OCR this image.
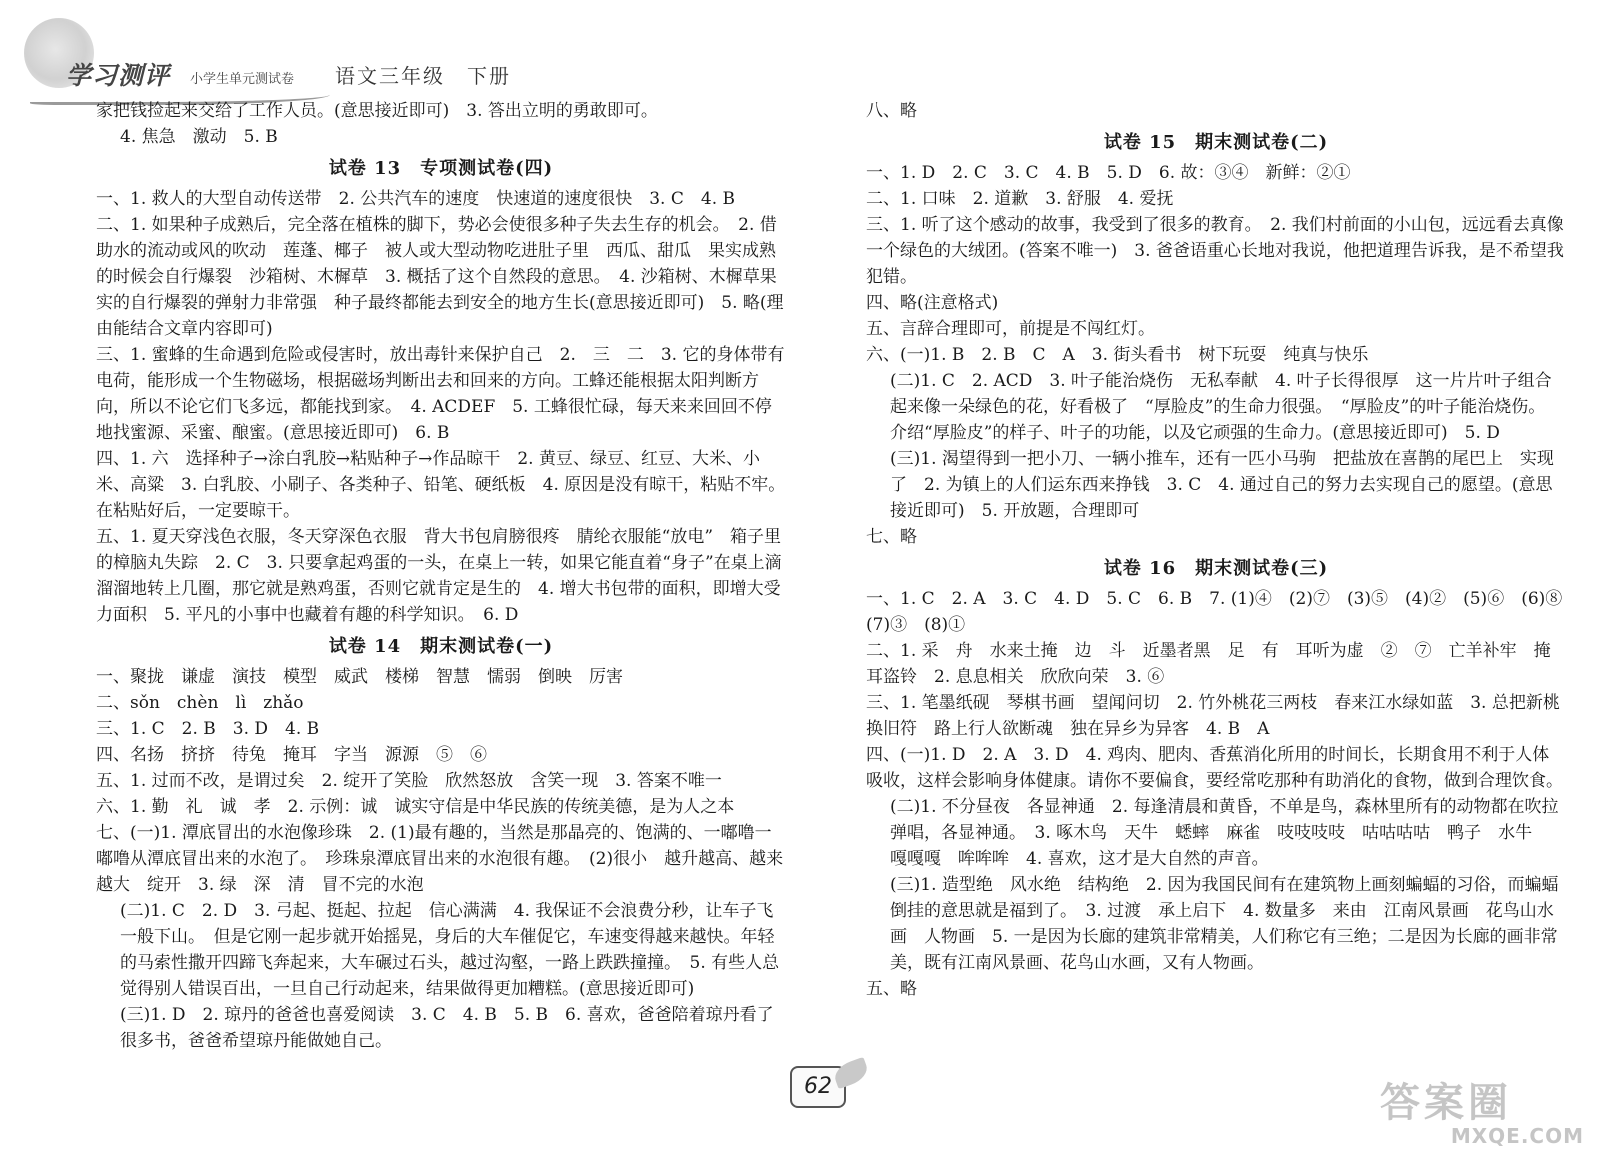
学习测评 小学生单元测试卷 语文三年级　下册

家把钱捡起来交给了工作人员。(意思接近即可)　3. 答出立明的勇敢即可。

4. 焦急　激动　5. B

试卷 13　专项测试卷(四)

一、1. 救人的大型自动传送带　2. 公共汽车的速度　快速道的速度很快　3. C　4. B

二、1. 如果种子成熟后，完全落在植株的脚下，势必会使很多种子失去生存的机会。　2. 借助水的流动或风的吹动　莲蓬、椰子　被人或大型动物吃进肚子里　西瓜、甜瓜　果实成熟的时候会自行爆裂　沙箱树、木樨草　3. 概括了这个自然段的意思。　4. 沙箱树、木樨草果实的自行爆裂的弹射力非常强　种子最终都能去到安全的地方生长(意思接近即可)　5. 略(理由能结合文章内容即可)

三、1. 蜜蜂的生命遇到危险或侵害时，放出毒针来保护自己　2.　三　二　3. 它的身体带有电荷，能形成一个生物磁场，根据磁场判断出去和回来的方向。工蜂还能根据太阳判断方向，所以不论它们飞多远，都能找到家。　4. ACDEF　5. 工蜂很忙碌，每天来来回回不停地找蜜源、采蜜、酿蜜。(意思接近即可)　6. B

四、1. 六　选择种子→涂白乳胶→粘贴种子→作品晾干　2. 黄豆、绿豆、红豆、大米、小米、高粱　3. 白乳胶、小刷子、各类种子、铅笔、硬纸板　4. 原因是没有晾干，粘贴不牢。在粘贴好后，一定要晾干。

五、1. 夏天穿浅色衣服，冬天穿深色衣服　背大书包肩膀很疼　腈纶衣服能“放电”　箱子里的樟脑丸失踪　2. C　3. 只要拿起鸡蛋的一头，在桌上一转，如果它能直着“身子”在桌上滴溜溜地转上几圈，那它就是熟鸡蛋，否则它就肯定是生的　4. 增大书包带的面积，即增大受力面积　5. 平凡的小事中也藏着有趣的科学知识。　6. D

试卷 14　期末测试卷(一)

一、聚拢　谦虚　演技　模型　威武　楼梯　智慧　懦弱　倒映　厉害

二、sǒn　chèn　lì　zhǎo

三、1. C　2. B　3. D　4. B

四、名扬　挤挤　待兔　掩耳　字当　源源　⑤　⑥

五、1. 过而不改，是谓过矣　2. 绽开了笑脸　欣然怒放　含笑一现　3. 答案不唯一

六、1. 勤　礼　诚　孝　2. 示例：诚　诚实守信是中华民族的传统美德，是为人之本

七、(一)1. 潭底冒出的水泡像珍珠　2. (1)最有趣的，当然是那晶亮的、饱满的、一嘟噜一嘟噜从潭底冒出来的水泡了。　珍珠泉潭底冒出来的水泡很有趣。　(2)很小　越升越高、越来越大　绽开　3. 绿　深　清　冒不完的水泡

(二)1. C　2. D　3. 弓起、挺起、拉起　信心满满　4. 我保证不会浪费分秒，让车子飞一般下山。　但是它刚一起步就开始摇晃，身后的大车催促它，车速变得越来越快。年轻的马索性撒开四蹄飞奔起来，大车碾过石头，越过沟壑，一路上跌跌撞撞。　5. 有些人总觉得别人错误百出，一旦自己行动起来，结果做得更加糟糕。(意思接近即可)

(三)1. D　2. 琼丹的爸爸也喜爱阅读　3. C　4. B　5. B　6. 喜欢，爸爸陪着琼丹看了很多书，爸爸希望琼丹能做她自己。

八、略

试卷 15　期末测试卷(二)

一、1. D　2. C　3. C　4. B　5. D　6. 故：③④　新鲜：②①

二、1. 口味　2. 道歉　3. 舒服　4. 爱抚

三、1. 听了这个感动的故事，我受到了很多的教育。　2. 我们村前面的小山包，远远看去真像一个绿色的大绒团。(答案不唯一)　3. 爸爸语重心长地对我说，他把道理告诉我，是不希望我犯错。

四、略(注意格式)

五、言辞合理即可，前提是不闯红灯。

六、(一)1. B　2. B　C　A　3. 街头看书　树下玩耍　纯真与快乐

(二)1. C　2. ACD　3. 叶子能治烧伤　无私奉献　4. 叶子长得很厚　这一片片叶子组合起来像一朵绿色的花，好看极了　“厚脸皮”的生命力很强。　“厚脸皮”的叶子能治烧伤。　介绍“厚脸皮”的样子、叶子的功能，以及它顽强的生命力。(意思接近即可)　5. D

(三)1. 渴望得到一把小刀、一辆小推车，还有一匹小马驹　把盐放在喜鹊的尾巴上　实现了　2. 为镇上的人们运东西来挣钱　3. C　4. 通过自己的努力去实现自己的愿望。(意思接近即可)　5. 开放题，合理即可

七、略

试卷 16　期末测试卷(三)

一、1. C　2. A　3. C　4. D　5. C　6. B　7. (1)④　(2)⑦　(3)⑤　(4)②　(5)⑥　(6)⑧　(7)③　(8)①

二、1. 采　舟　水来土掩　边　斗　近墨者黑　足　有　耳听为虚　②　⑦　亡羊补牢　掩耳盗铃　2. 息息相关　欣欣向荣　3. ⑥

三、1. 笔墨纸砚　琴棋书画　望闻问切　2. 竹外桃花三两枝　春来江水绿如蓝　3. 总把新桃换旧符　路上行人欲断魂　独在异乡为异客　4. B　A

四、(一)1. D　2. A　3. D　4. 鸡肉、肥肉、香蕉消化所用的时间长，长期食用不利于人体吸收，这样会影响身体健康。请你不要偏食，要经常吃那种有助消化的食物，做到合理饮食。

(二)1. 不分昼夜　各显神通　2. 每逢清晨和黄昏，不单是鸟，森林里所有的动物都在吹拉弹唱，各显神通。　3. 啄木鸟　天牛　蟋蟀　麻雀　吱吱吱吱　咕咕咕咕　鸭子　水牛　嘎嘎嘎　哞哞哞　4. 喜欢，这才是大自然的声音。

(三)1. 造型绝　风水绝　结构绝　2. 因为我国民间有在建筑物上画刻蝙蝠的习俗，而蝙蝠倒挂的意思就是福到了。　3. 过渡　承上启下　4. 数量多　来由　江南风景画　花鸟山水画　人物画　5. 一是因为长廊的建筑非常精美，人们称它有三绝；二是因为长廊的画非常美，既有江南风景画、花鸟山水画，又有人物画。

五、略

62	答案圈
MXQE.COM
